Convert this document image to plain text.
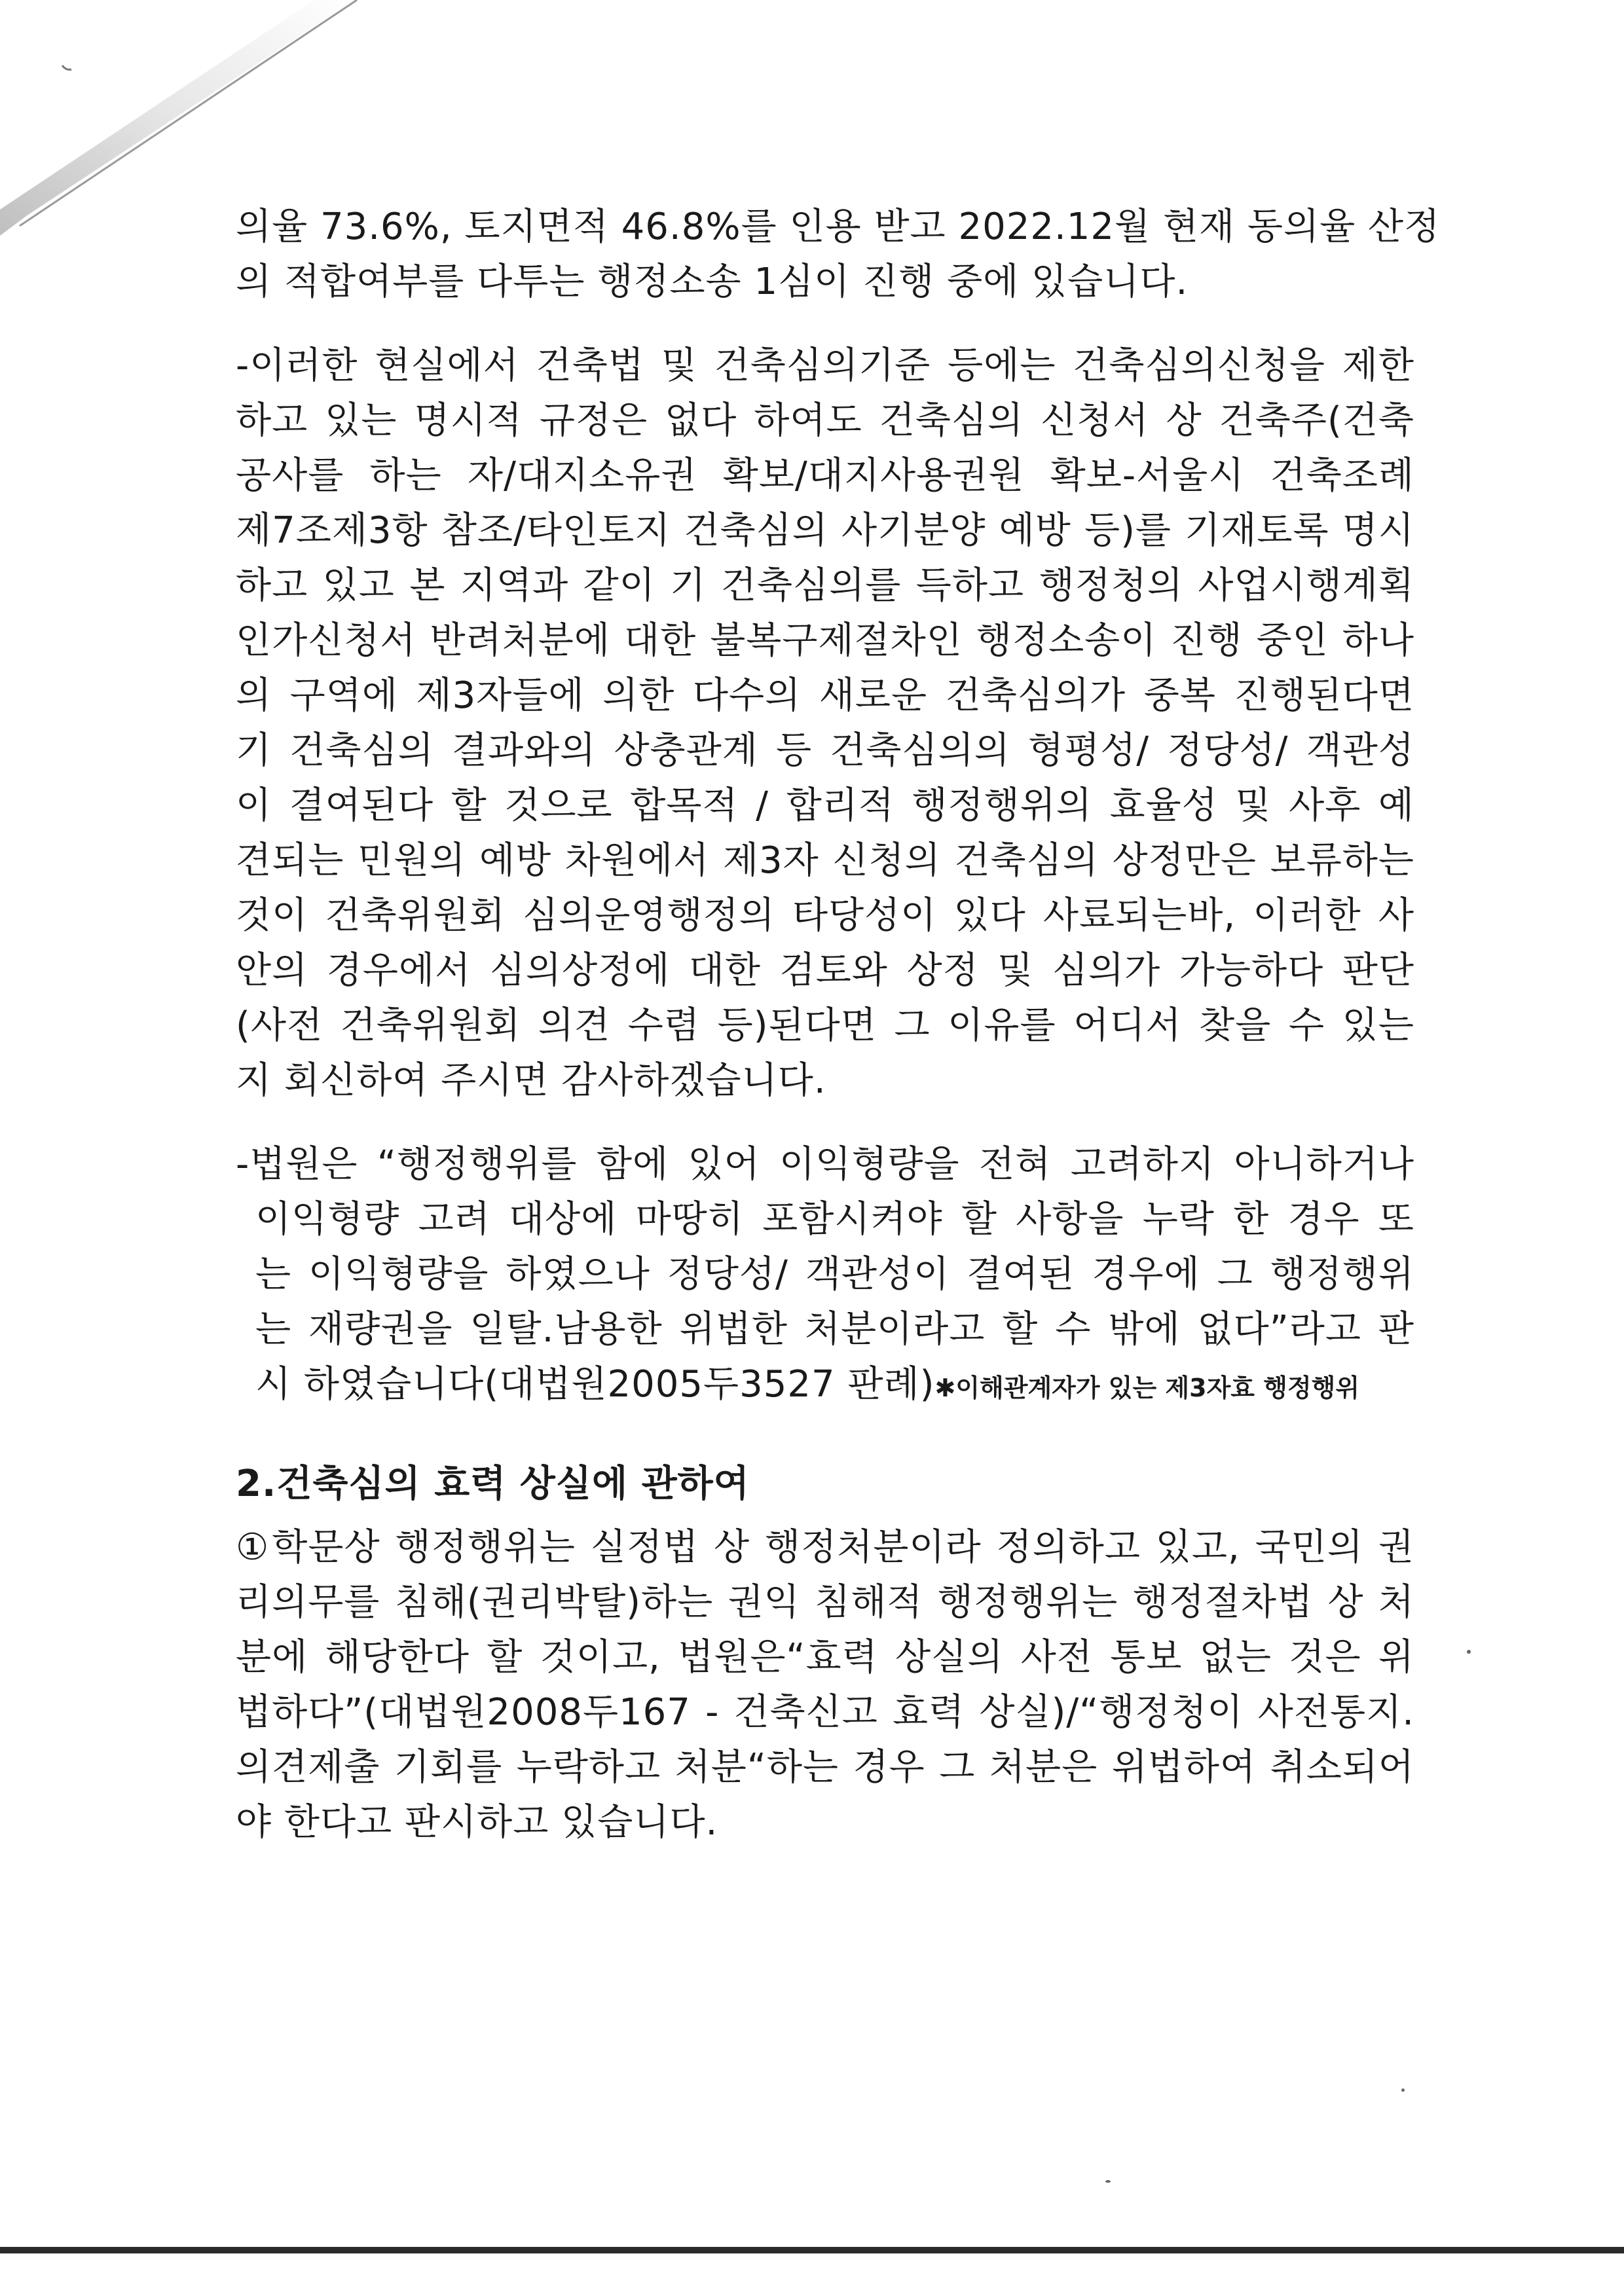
의율 73.6%, 토지면적 46.8%를 인용 받고 2022.12월 현재 동의율 산정
의 적합여부를 다투는 행정소송 1심이 진행 중에 있습니다.
-이러한 현실에서 건축법 및 건축심의기준 등에는 건축심의신청을 제한
하고 있는 명시적 규정은 없다 하여도 건축심의 신청서 상 건축주(건축
공사를 하는 자/대지소유권 확보/대지사용권원 확보-서울시 건축조례
제7조제3항 참조/타인토지 건축심의 사기분양 예방 등)를 기재토록 명시
하고 있고 본 지역과 같이 기 건축심의를 득하고 행정청의 사업시행계획
인가신청서 반려처분에 대한 불복구제절차인 행정소송이 진행 중인 하나
의 구역에 제3자들에 의한 다수의 새로운 건축심의가 중복 진행된다면
기 건축심의 결과와의 상충관계 등 건축심의의 형평성/ 정당성/ 객관성
이 결여된다 할 것으로 합목적 / 합리적 행정행위의 효율성 및 사후 예
견되는 민원의 예방 차원에서 제3자 신청의 건축심의 상정만은 보류하는
것이 건축위원회 심의운영행정의 타당성이 있다 사료되는바, 이러한 사
안의 경우에서 심의상정에 대한 검토와 상정 및 심의가 가능하다 판단
(사전 건축위원회 의견 수렴 등)된다면 그 이유를 어디서 찾을 수 있는
지 회신하여 주시면 감사하겠습니다.
-법원은 “행정행위를 함에 있어 이익형량을 전혀 고려하지 아니하거나
이익형량 고려 대상에 마땅히 포함시켜야 할 사항을 누락 한 경우 또
는 이익형량을 하였으나 정당성/ 객관성이 결여된 경우에 그 행정행위
는 재량권을 일탈.남용한 위법한 처분이라고 할 수 밖에 없다”라고 판
시 하였습니다(대법원2005두3527 판례)✱이해관계자가 있는 제3자효 행정행위
2.건축심의 효력 상실에 관하여
①학문상 행정행위는 실정법 상 행정처분이라 정의하고 있고, 국민의 권
리의무를 침해(권리박탈)하는 권익 침해적 행정행위는 행정절차법 상 처
분에 해당한다 할 것이고, 법원은“효력 상실의 사전 통보 없는 것은 위
법하다”(대법원2008두167 - 건축신고 효력 상실)/“행정청이 사전통지.
의견제출 기회를 누락하고 처분“하는 경우 그 처분은 위법하여 취소되어
야 한다고 판시하고 있습니다.
